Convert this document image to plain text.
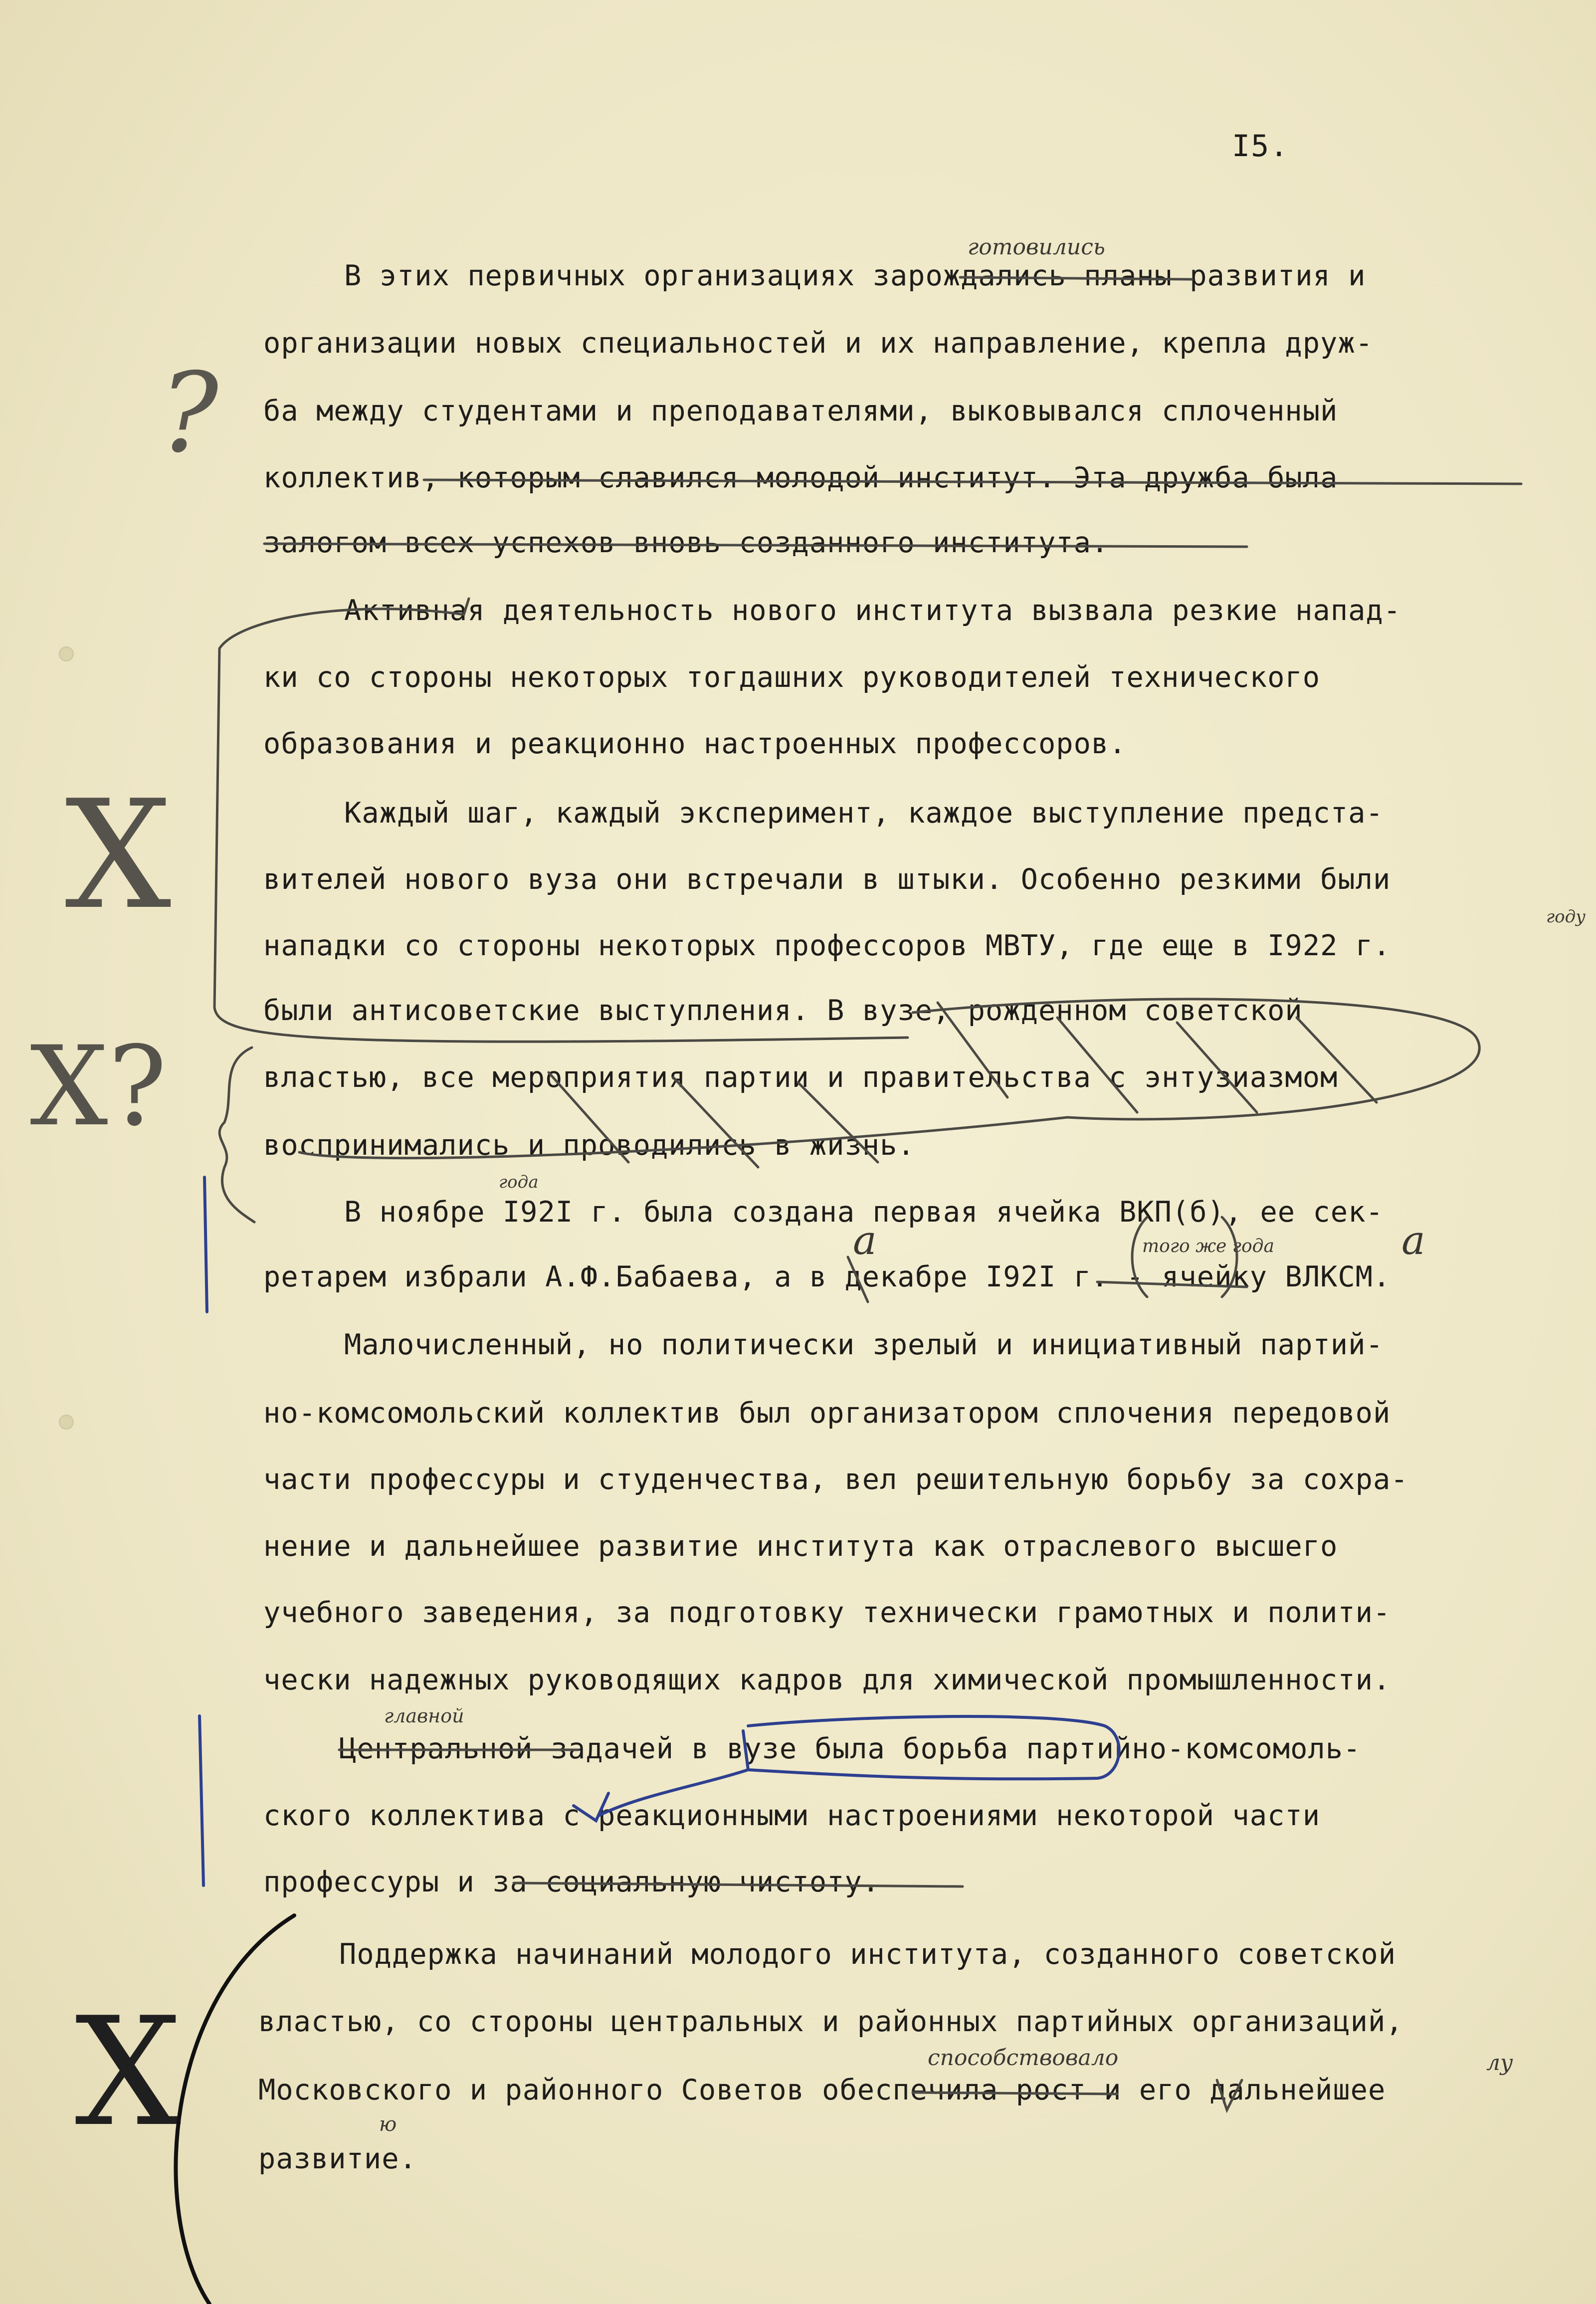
I5.
В этих первичных организациях зарождались планы развития и
организации новых специальностей и их направление, крепла друж-
ба между студентами и преподавателями, выковывался сплоченный
коллектив, которым славился молодой институт. Эта дружба была
залогом всех успехов вновь созданного института.
Активная деятельность нового института вызвала резкие напад-
ки со стороны некоторых тогдашних руководителей технического
образования и реакционно настроенных профессоров.
Каждый шаг, каждый эксперимент, каждое выступление предста-
вителей нового вуза они встречали в штыки. Особенно резкими были
нападки со стороны некоторых профессоров МВТУ, где еще в I922 г.
были антисоветские выступления. В вузе, рожденном советской
властью, все мероприятия партии и правительства с энтузиазмом
воспринимались и проводились в жизнь.
В ноябре I92I г. была создана первая ячейка ВКП(б), ее сек-
ретарем избрали А.Ф.Бабаева, а в декабре I92I г. - ячейку ВЛКСМ.
Малочисленный, но политически зрелый и инициативный партий-
но-комсомольский коллектив был организатором сплочения передовой
части профессуры и студенчества, вел решительную борьбу за сохра-
нение и дальнейшее развитие института как отраслевого высшего
учебного заведения, за подготовку технически грамотных и полити-
чески надежных руководящих кадров для химической промышленности.
Центральной задачей в вузе была борьба партийно-комсомоль-
ского коллектива с реакционными настроениями некоторой части
профессуры и за социальную чистоту.
Поддержка начинаний молодого института, созданного советской
властью, со стороны центральных и районных партийных организаций,
Московского и районного Советов обеспечила рост и его дальнейшее
развитие.
готовились
году
года
того же года
а	а
главной
способствовало	лу
ю
?
X
X?
X
